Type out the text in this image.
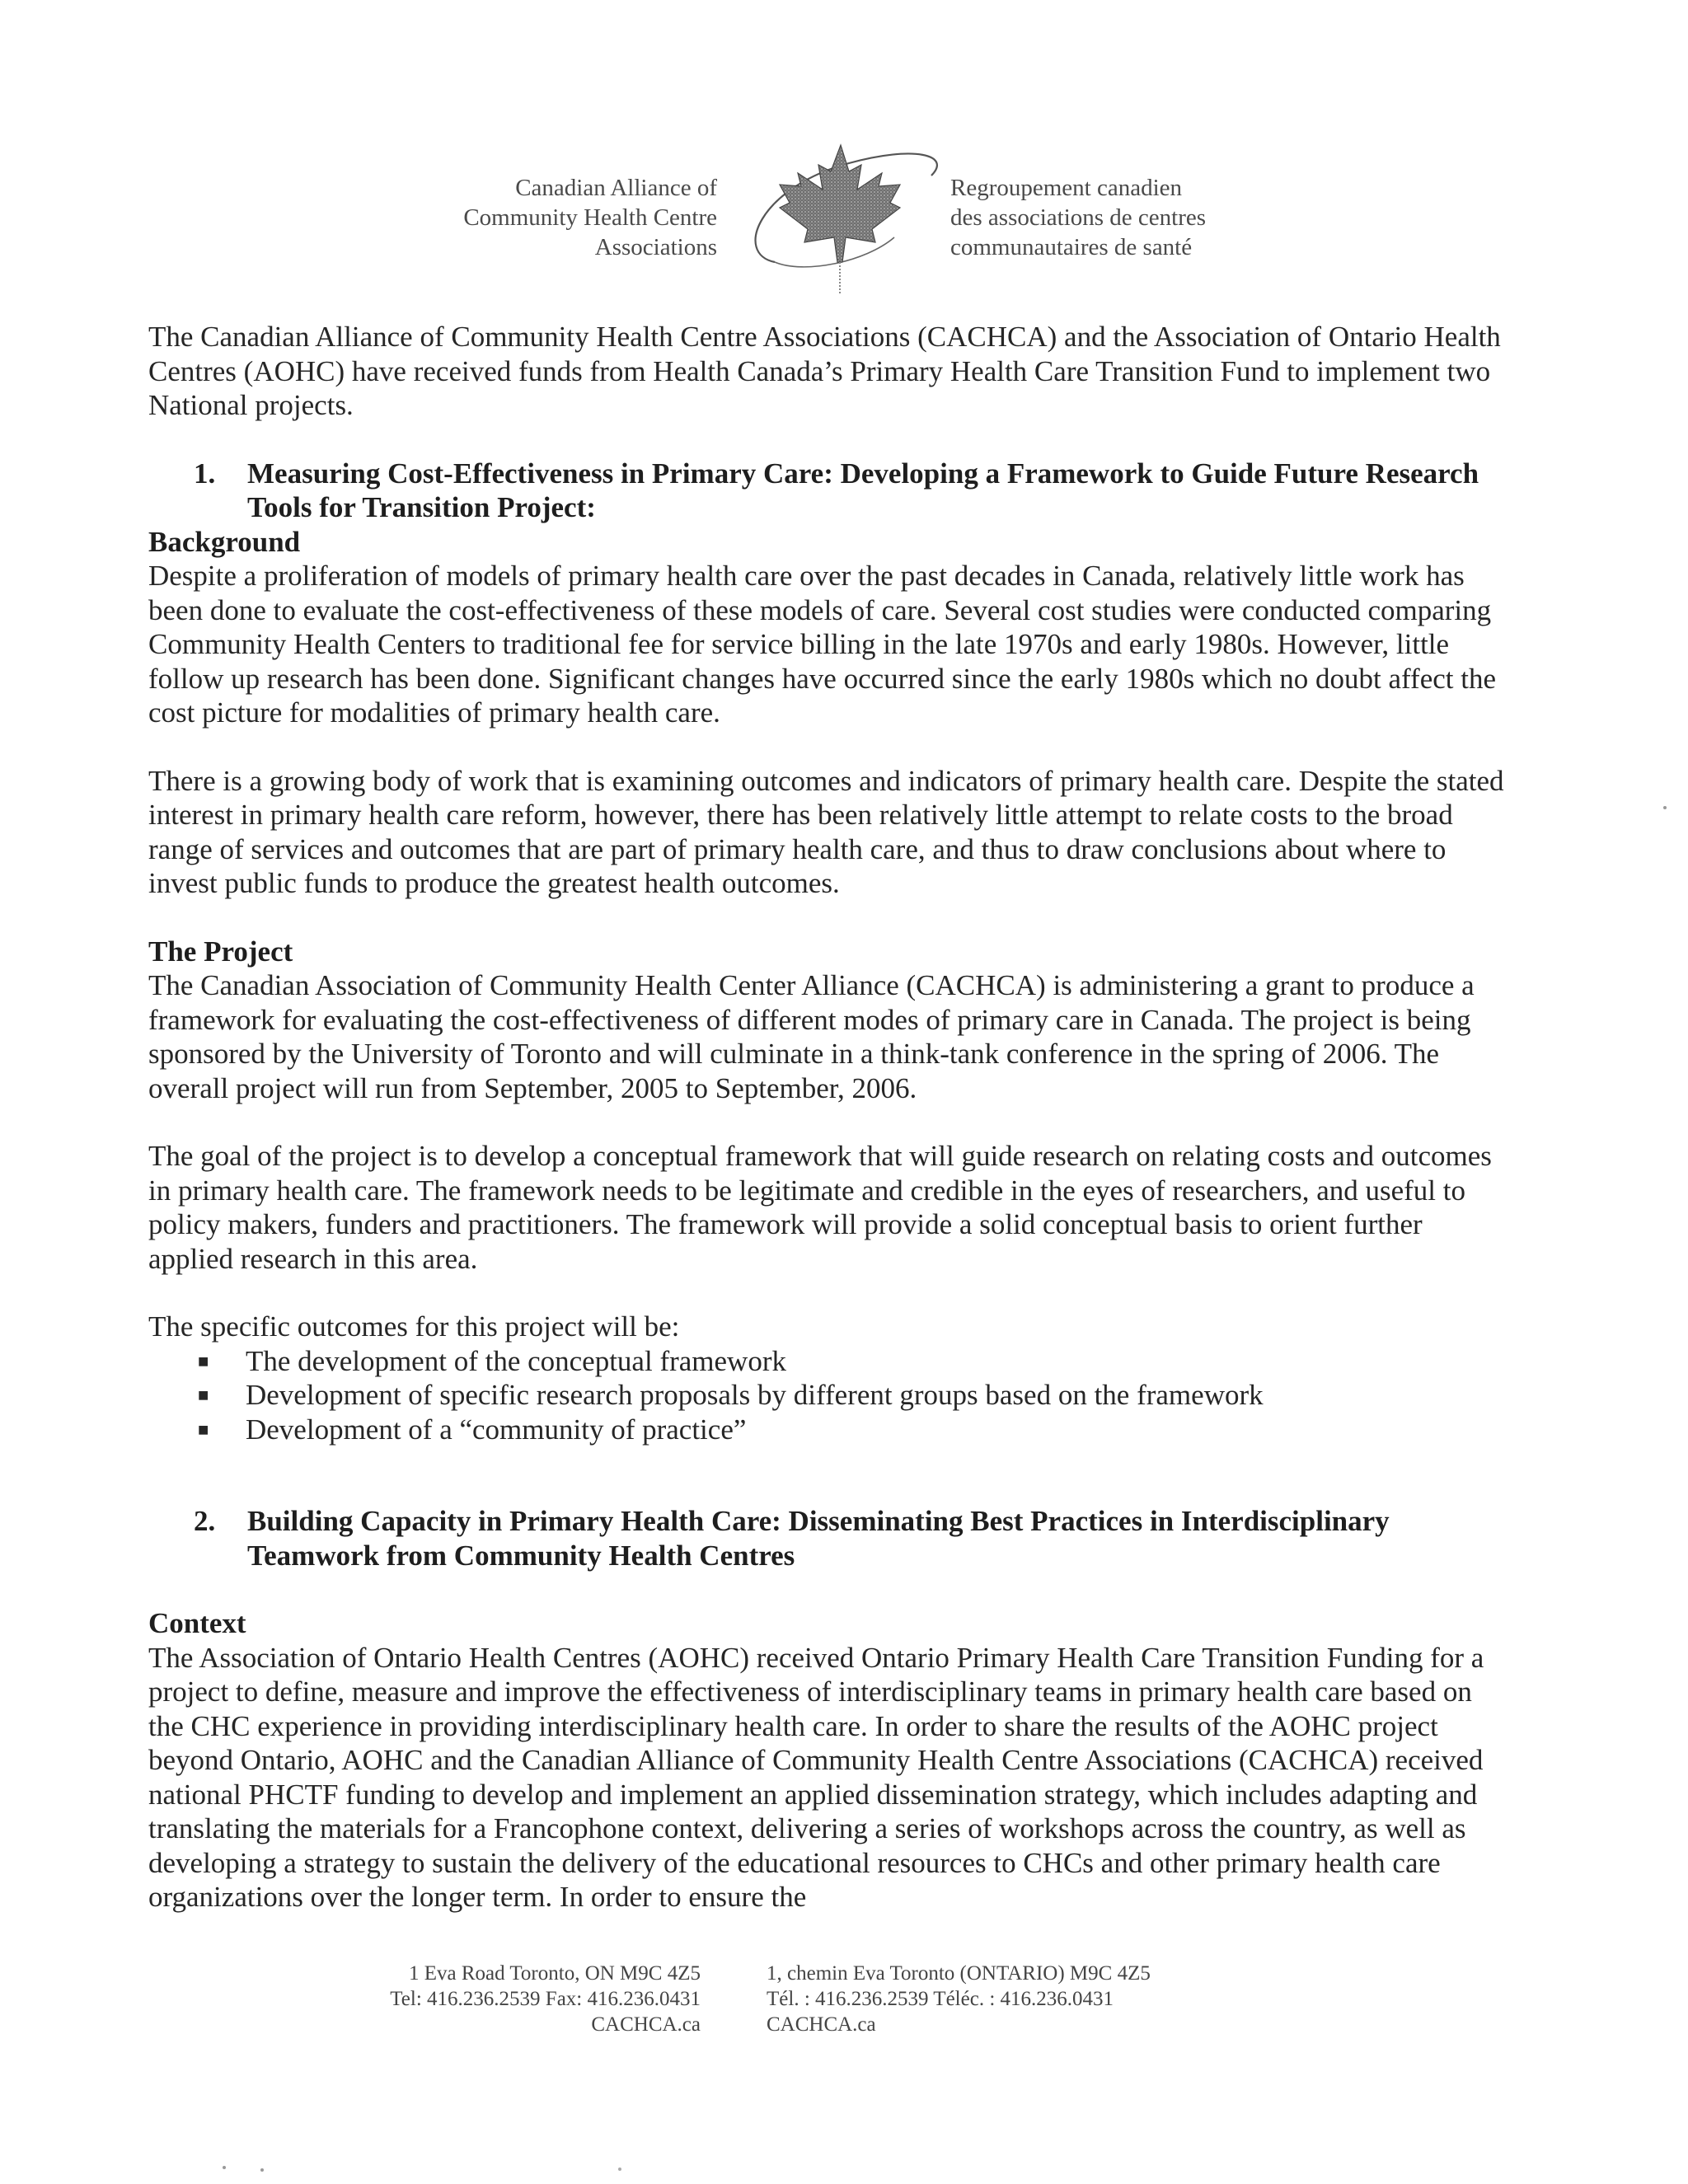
Canadian Alliance of
Community Health Centre
Associations
Regroupement canadien
des associations de centres
communautaires de santé

The Canadian Alliance of Community Health Centre Associations (CACHCA) and the Association of Ontario Health Centres (AOHC) have received funds from Health Canada’s Primary Health Care Transition Fund to implement two National projects.

1.	Measuring Cost-Effectiveness in Primary Care: Developing a Framework to Guide Future Research Tools for Transition Project:
Background

Despite a proliferation of models of primary health care over the past decades in Canada, relatively little work has been done to evaluate the cost-effectiveness of these models of care. Several cost studies were conducted comparing Community Health Centers to traditional fee for service billing in the late 1970s and early 1980s. However, little follow up research has been done. Significant changes have occurred since the early 1980s which no doubt affect the cost picture for modalities of primary health care.

There is a growing body of work that is examining outcomes and indicators of primary health care. Despite the stated interest in primary health care reform, however, there has been relatively little attempt to relate costs to the broad range of services and outcomes that are part of primary health care, and thus to draw conclusions about where to invest public funds to produce the greatest health outcomes.

The Project

The Canadian Association of Community Health Center Alliance (CACHCA) is administering a grant to produce a framework for evaluating the cost-effectiveness of different modes of primary care in Canada. The project is being sponsored by the University of Toronto and will culminate in a think-tank conference in the spring of 2006. The overall project will run from September, 2005 to September, 2006.

The goal of the project is to develop a conceptual framework that will guide research on relating costs and outcomes in primary health care. The framework needs to be legitimate and credible in the eyes of researchers, and useful to policy makers, funders and practitioners. The framework will provide a solid conceptual basis to orient further applied research in this area.

The specific outcomes for this project will be:

■	The development of the conceptual framework
■	Development of specific research proposals by different groups based on the framework
■	Development of a “community of practice”
2.	Building Capacity in Primary Health Care: Disseminating Best Practices in Interdisciplinary Teamwork from Community Health Centres
Context

The Association of Ontario Health Centres (AOHC) received Ontario Primary Health Care Transition Funding for a project to define, measure and improve the effectiveness of interdisciplinary teams in primary health care based on the CHC experience in providing interdisciplinary health care. In order to share the results of the AOHC project beyond Ontario, AOHC and the Canadian Alliance of Community Health Centre Associations (CACHCA) received national PHCTF funding to develop and implement an applied dissemination strategy, which includes adapting and translating the materials for a Francophone context, delivering a series of workshops across the country, as well as developing a strategy to sustain the delivery of the educational resources to CHCs and other primary health care organizations over the longer term. In order to ensure the

1 Eva Road Toronto, ON M9C 4Z5
Tel: 416.236.2539 Fax: 416.236.0431
CACHCA.ca
1, chemin Eva Toronto (ONTARIO) M9C 4Z5
Tél. : 416.236.2539 Téléc. : 416.236.0431
CACHCA.ca
